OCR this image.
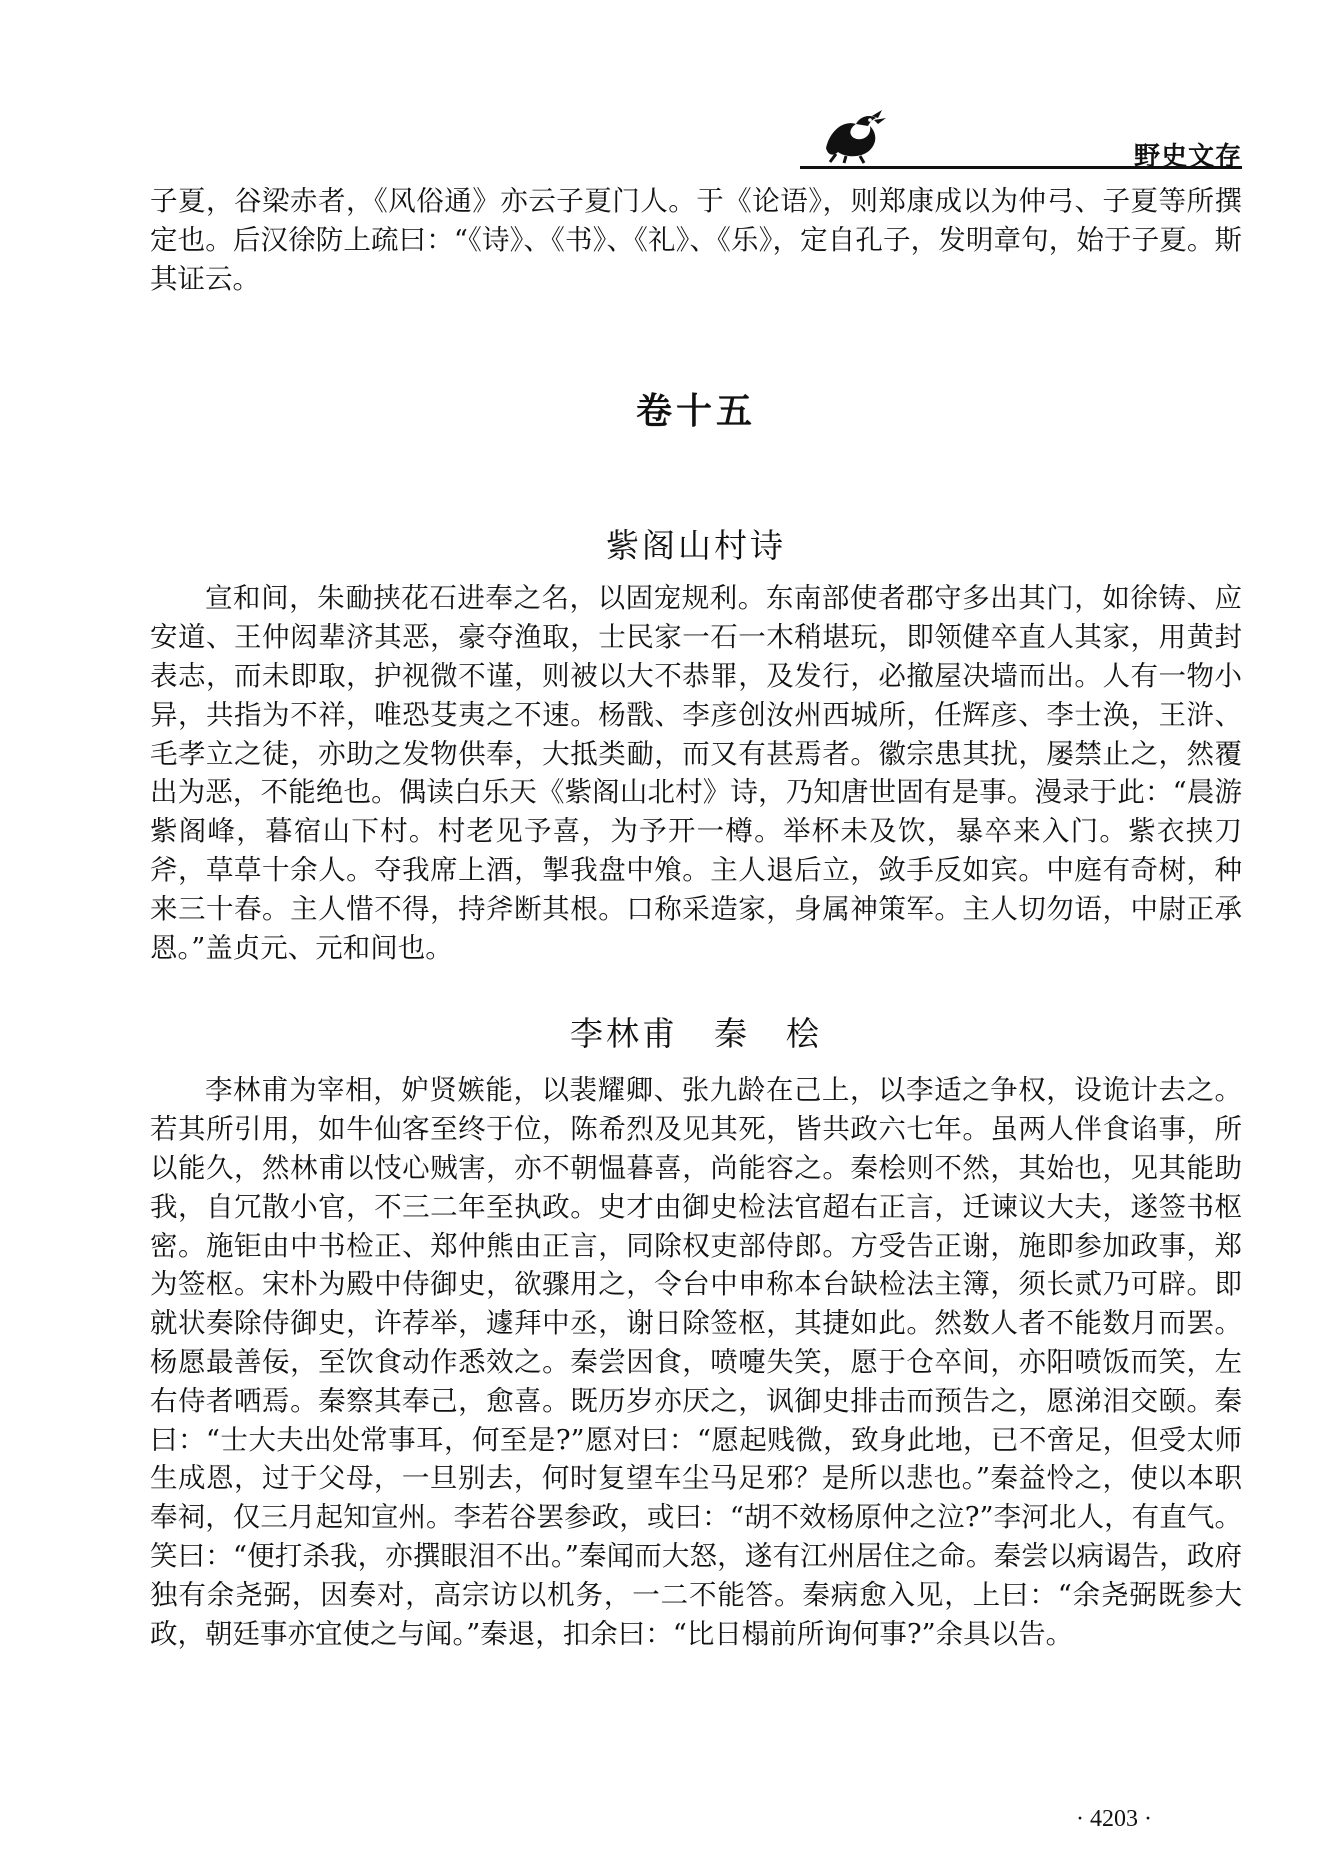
野史文存

子夏，谷梁赤者，《风俗通》亦云子夏门人。于《论语》，则郑康成以为仲弓、子夏等所撰定也。后汉徐防上疏曰：“《诗》、《书》、《礼》、《乐》，定自孔子，发明章句，始于子夏。斯其证云。

卷十五
紫阁山村诗

宣和间，朱勔挟花石进奉之名，以固宠规利。东南部使者郡守多出其门，如徐铸、应安道、王仲闳辈济其恶，豪夺渔取，士民家一石一木稍堪玩，即领健卒直人其家，用黄封表志，而未即取，护视微不谨，则被以大不恭罪，及发行，必撤屋决墙而出。人有一物小异，共指为不祥，唯恐芟夷之不速。杨戬、李彦创汝州西城所，任辉彦、李士涣，王浒、毛孝立之徒，亦助之发物供奉，大抵类勔，而又有甚焉者。徽宗患其扰，屡禁止之，然覆出为恶，不能绝也。偶读白乐天《紫阁山北村》诗，乃知唐世固有是事。漫录于此：“晨游紫阁峰，暮宿山下村。村老见予喜，为予开一樽。举杯未及饮，暴卒来入门。紫衣挟刀斧，草草十余人。夺我席上酒，掣我盘中飧。主人退后立，敛手反如宾。中庭有奇树，种来三十春。主人惜不得，持斧断其根。口称采造家，身属神策军。主人切勿语，中尉正承恩。”盖贞元、元和间也。

李林甫　秦　桧

李林甫为宰相，妒贤嫉能，以裴耀卿、张九龄在己上，以李适之争权，设诡计去之。若其所引用，如牛仙客至终于位，陈希烈及见其死，皆共政六七年。虽两人伴食谄事，所以能久，然林甫以忮心贼害，亦不朝愠暮喜，尚能容之。秦桧则不然，其始也，见其能助我，自冗散小官，不三二年至执政。史才由御史检法官超右正言，迁谏议大夫，遂签书枢密。施钜由中书检正、郑仲熊由正言，同除权吏部侍郎。方受告正谢，施即参加政事，郑为签枢。宋朴为殿中侍御史，欲骤用之，令台中申称本台缺检法主簿，须长贰乃可辟。即就状奏除侍御史，许荐举，遽拜中丞，谢日除签枢，其捷如此。然数人者不能数月而罢。杨愿最善佞，至饮食动作悉效之。秦尝因食，喷嚏失笑，愿于仓卒间，亦阳喷饭而笑，左右侍者哂焉。秦察其奉己，愈喜。既历岁亦厌之，讽御史排击而预告之，愿涕泪交颐。秦曰：“士大夫出处常事耳，何至是?”愿对曰：“愿起贱微，致身此地，已不啻足，但受太师生成恩，过于父母，一旦别去，何时复望车尘马足邪？是所以悲也。”秦益怜之，使以本职奉祠，仅三月起知宣州。李若谷罢参政，或曰：“胡不效杨原仲之泣?”李河北人，有直气。笑曰：“便打杀我，亦撰眼泪不出。”秦闻而大怒，遂有江州居住之命。秦尝以病谒告，政府独有余尧弼，因奏对，高宗访以机务，一二不能答。秦病愈入见，上曰：“余尧弼既参大政，朝廷事亦宜使之与闻。”秦退，扣余曰：“比日榻前所询何事?”余具以告。

· 4203 ·
